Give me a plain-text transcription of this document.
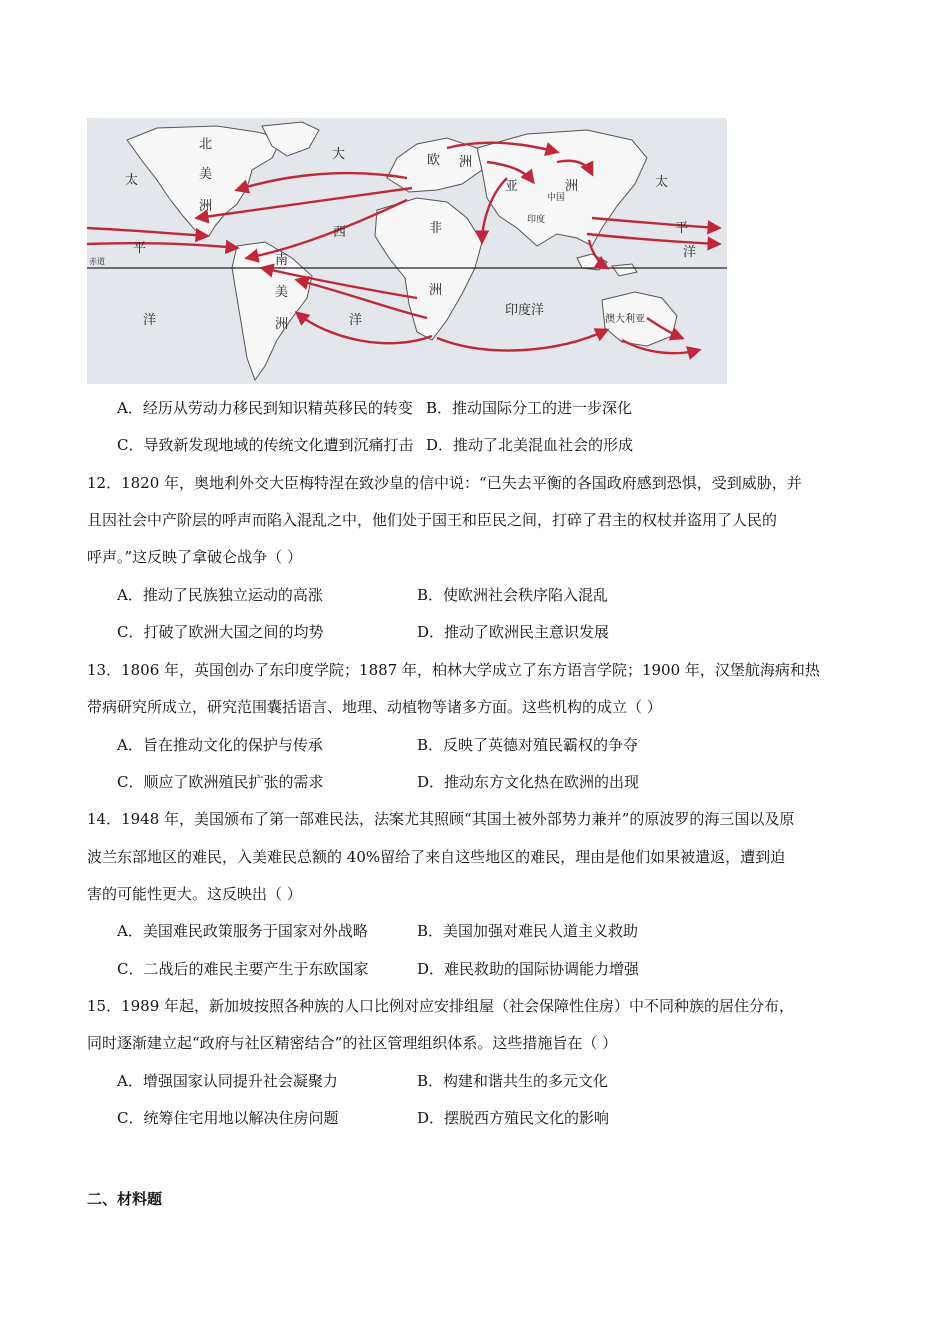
北
美
洲
大
太	太
欧 洲
亚	洲
中国
印度
平
平
西	非
洲
南
美
洲
洋	洋
洋
印度洋
澳大利亚
赤道
A．经历从劳动力移民到知识精英移民的转变 B．推动国际分工的进一步深化
C．导致新发现地域的传统文化遭到沉痛打击 D．推动了北美混血社会的形成
12．1820 年，奥地利外交大臣梅特涅在致沙皇的信中说：“已失去平衡的各国政府感到恐惧，受到威胁，并
且因社会中产阶层的呼声而陷入混乱之中，他们处于国王和臣民之间，打碎了君主的权杖并盗用了人民的
呼声。”这反映了拿破仑战争（ ）
A．推动了民族独立运动的高涨	B．使欧洲社会秩序陷入混乱
C．打破了欧洲大国之间的均势	D．推动了欧洲民主意识发展
13．1806 年，英国创办了东印度学院；1887 年，柏林大学成立了东方语言学院；1900 年，汉堡航海病和热
带病研究所成立，研究范围囊括语言、地理、动植物等诸多方面。这些机构的成立（ ）
A．旨在推动文化的保护与传承	B．反映了英德对殖民霸权的争夺
C．顺应了欧洲殖民扩张的需求	D．推动东方文化热在欧洲的出现
14．1948 年，美国颁布了第一部难民法，法案尤其照顾“其国土被外部势力兼并”的原波罗的海三国以及原
波兰东部地区的难民，入美难民总额的 40%留给了来自这些地区的难民，理由是他们如果被遣返，遭到迫
害的可能性更大。这反映出（ ）
A．美国难民政策服务于国家对外战略	B．美国加强对难民人道主义救助
C．二战后的难民主要产生于东欧国家	D．难民救助的国际协调能力增强
15．1989 年起，新加坡按照各种族的人口比例对应安排组屋（社会保障性住房）中不同种族的居住分布，
同时逐渐建立起“政府与社区精密结合”的社区管理组织体系。这些措施旨在（ ）
A．增强国家认同提升社会凝聚力	B．构建和谐共生的多元文化
C．统筹住宅用地以解决住房问题	D．摆脱西方殖民文化的影响
二、材料题
